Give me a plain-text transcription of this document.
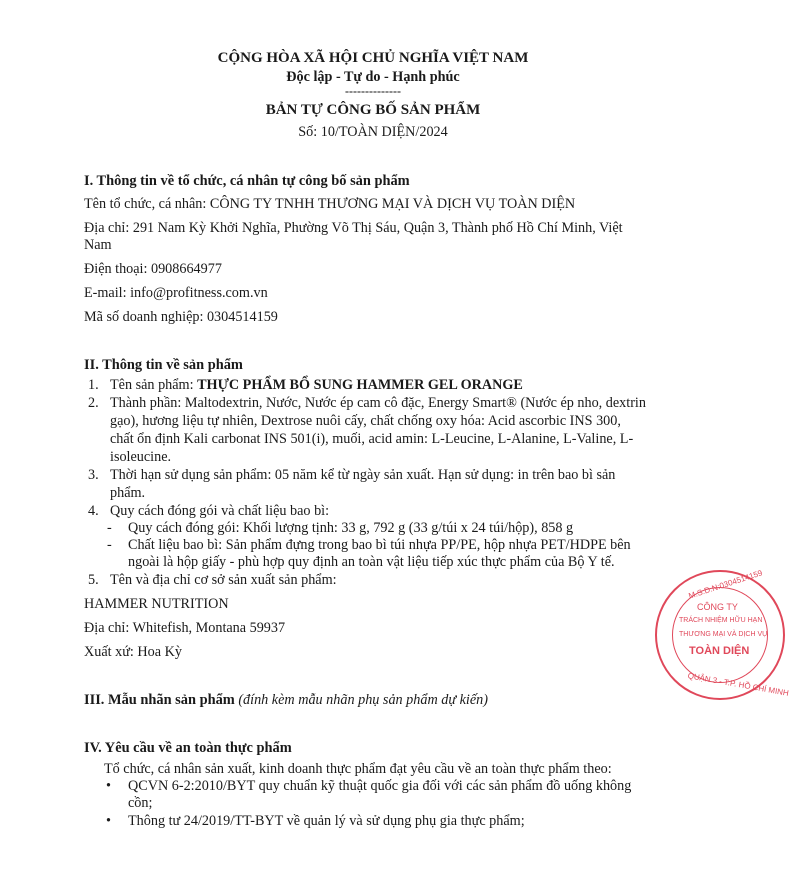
CỘNG HÒA XÃ HỘI CHỦ NGHĨA VIỆT NAM
Độc lập - Tự do - Hạnh phúc
--------------
BẢN TỰ CÔNG BỐ SẢN PHẨM
Số: 10/TOÀN DIỆN/2024
I. Thông tin về tổ chức, cá nhân tự công bố sản phẩm
Tên tổ chức, cá nhân: CÔNG TY TNHH THƯƠNG MẠI VÀ DỊCH VỤ TOÀN DIỆN
Địa chỉ: 291 Nam Kỳ Khởi Nghĩa, Phường Võ Thị Sáu, Quận 3, Thành phố Hồ Chí Minh, Việt
Nam
Điện thoại: 0908664977
E-mail: info@profitness.com.vn
Mã số doanh nghiệp: 0304514159
II. Thông tin về sản phẩm
1. Tên sản phẩm: THỰC PHẨM BỔ SUNG HAMMER GEL ORANGE
2. Thành phần: Maltodextrin, Nước, Nước ép cam cô đặc, Energy Smart® (Nước ép nho, dextrin
gạo), hương liệu tự nhiên, Dextrose nuôi cấy, chất chống oxy hóa: Acid ascorbic INS 300,
chất ổn định Kali carbonat INS 501(i), muối, acid amin: L-Leucine, L-Alanine, L-Valine, L-
isoleucine.
3. Thời hạn sử dụng sản phẩm: 05 năm kể từ ngày sản xuất. Hạn sử dụng: in trên bao bì sản
phẩm.
4. Quy cách đóng gói và chất liệu bao bì:
- Quy cách đóng gói: Khối lượng tịnh: 33 g, 792 g (33 g/túi x 24 túi/hộp), 858 g
- Chất liệu bao bì: Sản phẩm đựng trong bao bì túi nhựa PP/PE, hộp nhựa PET/HDPE bên
ngoài là hộp giấy - phù hợp quy định an toàn vật liệu tiếp xúc thực phẩm của Bộ Y tế.
5. Tên và địa chỉ cơ sở sản xuất sản phẩm:
HAMMER NUTRITION
Địa chỉ: Whitefish, Montana 59937
Xuất xứ: Hoa Kỳ
III. Mẫu nhãn sản phẩm (đính kèm mẫu nhãn phụ sản phẩm dự kiến)
IV. Yêu cầu về an toàn thực phẩm
Tổ chức, cá nhân sản xuất, kinh doanh thực phẩm đạt yêu cầu về an toàn thực phẩm theo:
•
QCVN 6-2:2010/BYT quy chuẩn kỹ thuật quốc gia đối với các sản phẩm đồ uống không
cồn;
•
Thông tư 24/2019/TT-BYT về quản lý và sử dụng phụ gia thực phẩm;
M.S.D.N:0304514159
CÔNG TY
TRÁCH NHIỆM HỮU HẠN
THƯƠNG MẠI VÀ DỊCH VỤ
TOÀN DIỆN
QUẬN 3 - T.P. HỒ CHÍ MINH
